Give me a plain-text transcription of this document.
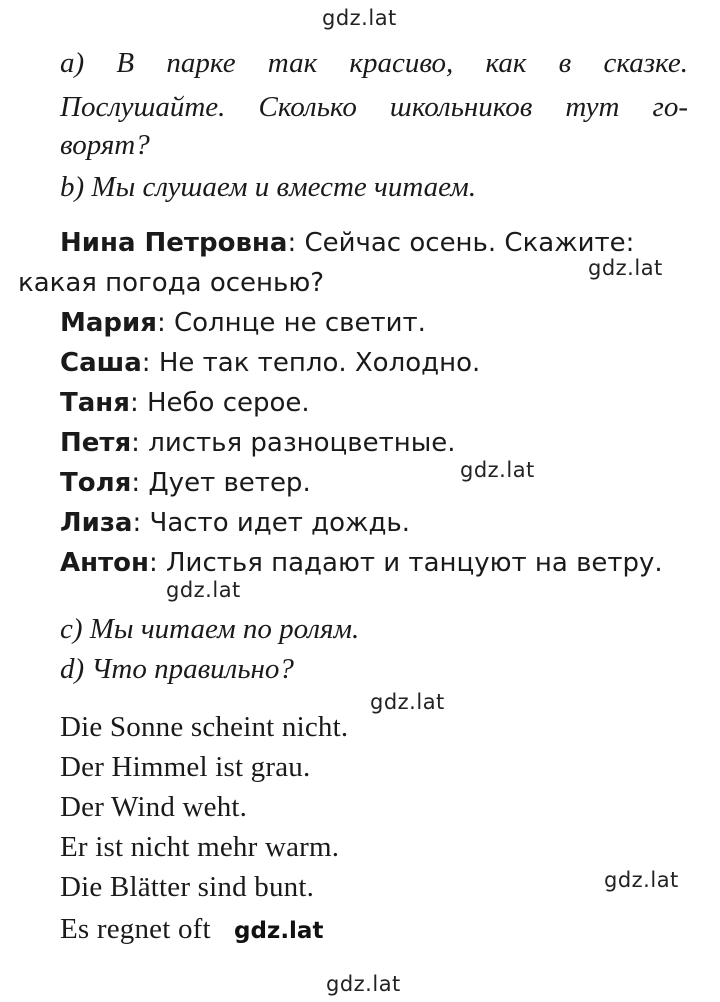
gdz.lat
gdz.lat
gdz.lat
gdz.lat
gdz.lat
gdz.lat
gdz.lat
a) В парке так красиво, как в сказке.
Послушайте. Сколько школьников тут го-
ворят?
b) Мы слушаем и вместе читаем.
Нина Петровна: Сейчас осень. Скажите:
какая погода осенью?
Мария: Солнце не светит.
Саша: Не так тепло. Холодно.
Таня: Небо серое.
Петя: листья разноцветные.
Толя: Дует ветер.
Лиза: Часто идет дождь.
Антон: Листья падают и танцуют на ветру.
c) Мы читаем по ролям.
d) Что правильно?
Die Sonne scheint nicht.
Der Himmel ist grau.
Der Wind weht.
Er ist nicht mehr warm.
Die Blätter sind bunt.
Es regnet oft gdz.lat
